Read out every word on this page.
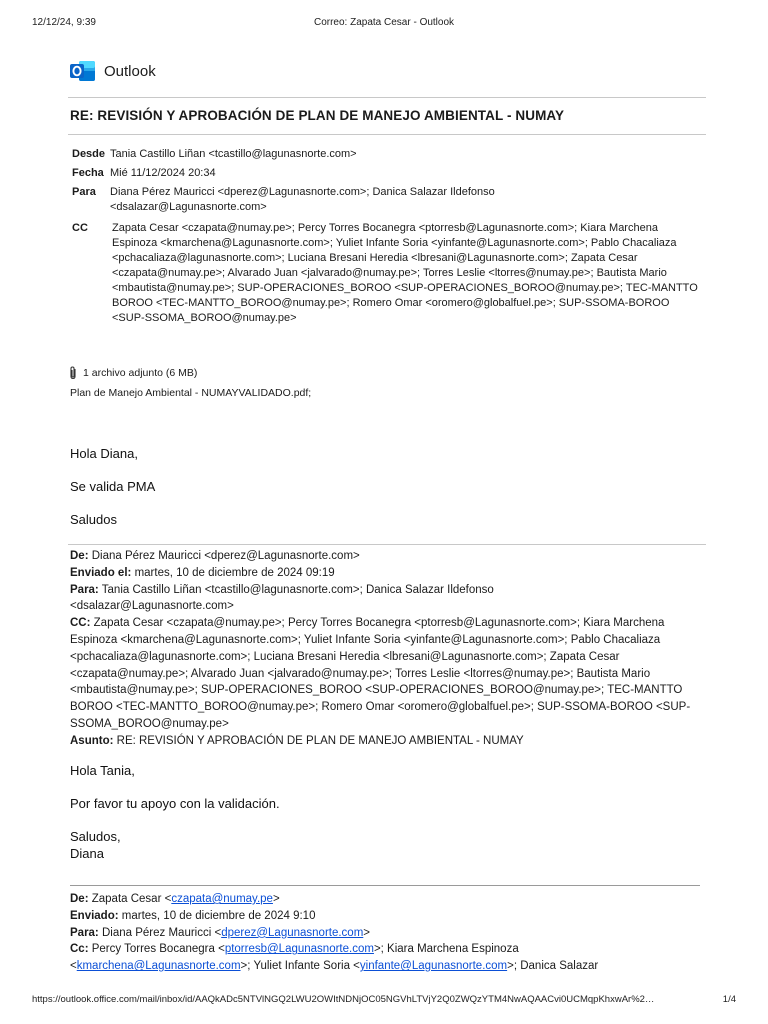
12/12/24, 9:39	Correo: Zapata Cesar - Outlook
Outlook
RE: REVISIÓN Y APROBACIÓN DE PLAN DE MANEJO AMBIENTAL - NUMAY
Desde Tania Castillo Liñan <tcastillo@lagunasnorte.com>
Fecha Mié 11/12/2024 20:34
Para	Diana Pérez Mauricci <dperez@Lagunasnorte.com>; Danica Salazar Ildefonso <dsalazar@Lagunasnorte.com>
CC	Zapata Cesar <czapata@numay.pe>; Percy Torres Bocanegra <ptorresb@Lagunasnorte.com>; Kiara Marchena Espinoza <kmarchena@Lagunasnorte.com>; Yuliet Infante Soria <yinfante@Lagunasnorte.com>; Pablo Chacaliaza <pchacaliaza@lagunasnorte.com>; Luciana Bresani Heredia <lbresani@Lagunasnorte.com>; Zapata Cesar <czapata@numay.pe>; Alvarado Juan <jalvarado@numay.pe>; Torres Leslie <ltorres@numay.pe>; Bautista Mario <mbautista@numay.pe>; SUP-OPERACIONES_BOROO <SUP-OPERACIONES_BOROO@numay.pe>; TEC-MANTTO BOROO <TEC-MANTTO_BOROO@numay.pe>; Romero Omar <oromero@globalfuel.pe>; SUP-SSOMA-BOROO <SUP-SSOMA_BOROO@numay.pe>
1 archivo adjunto (6 MB)
Plan de Manejo Ambiental - NUMAYVALIDADO.pdf;
Hola Diana,
Se valida PMA
Saludos
De: Diana Pérez Mauricci <dperez@Lagunasnorte.com>
Enviado el: martes, 10 de diciembre de 2024 09:19
Para: Tania Castillo Liñan <tcastillo@lagunasnorte.com>; Danica Salazar Ildefonso <dsalazar@Lagunasnorte.com>
CC: Zapata Cesar <czapata@numay.pe>; Percy Torres Bocanegra <ptorresb@Lagunasnorte.com>; Kiara Marchena Espinoza <kmarchena@Lagunasnorte.com>; Yuliet Infante Soria <yinfante@Lagunasnorte.com>; Pablo Chacaliaza <pchacaliaza@lagunasnorte.com>; Luciana Bresani Heredia <lbresani@Lagunasnorte.com>; Zapata Cesar <czapata@numay.pe>; Alvarado Juan <jalvarado@numay.pe>; Torres Leslie <ltorres@numay.pe>; Bautista Mario <mbautista@numay.pe>; SUP-OPERACIONES_BOROO <SUP-OPERACIONES_BOROO@numay.pe>; TEC-MANTTO BOROO <TEC-MANTTO_BOROO@numay.pe>; Romero Omar <oromero@globalfuel.pe>; SUP-SSOMA-BOROO <SUP-SSOMA_BOROO@numay.pe>
Asunto: RE: REVISIÓN Y APROBACIÓN DE PLAN DE MANEJO AMBIENTAL - NUMAY
Hola Tania,
Por favor tu apoyo con la validación.
Saludos,
Diana
De: Zapata Cesar <czapata@numay.pe>
Enviado: martes, 10 de diciembre de 2024 9:10
Para: Diana Pérez Mauricci <dperez@Lagunasnorte.com>
Cc: Percy Torres Bocanegra <ptorresb@Lagunasnorte.com>; Kiara Marchena Espinoza
<kmarchena@Lagunasnorte.com>; Yuliet Infante Soria <yinfante@Lagunasnorte.com>; Danica Salazar
https://outlook.office.com/mail/inbox/id/AAQkADc5NTVlNGQ2LWU2OWItNDNjOC05NGVhLTVjY2Q0ZWQzYTM4NwAQAACvi0UCMqpKhxwAr%2…	1/4
